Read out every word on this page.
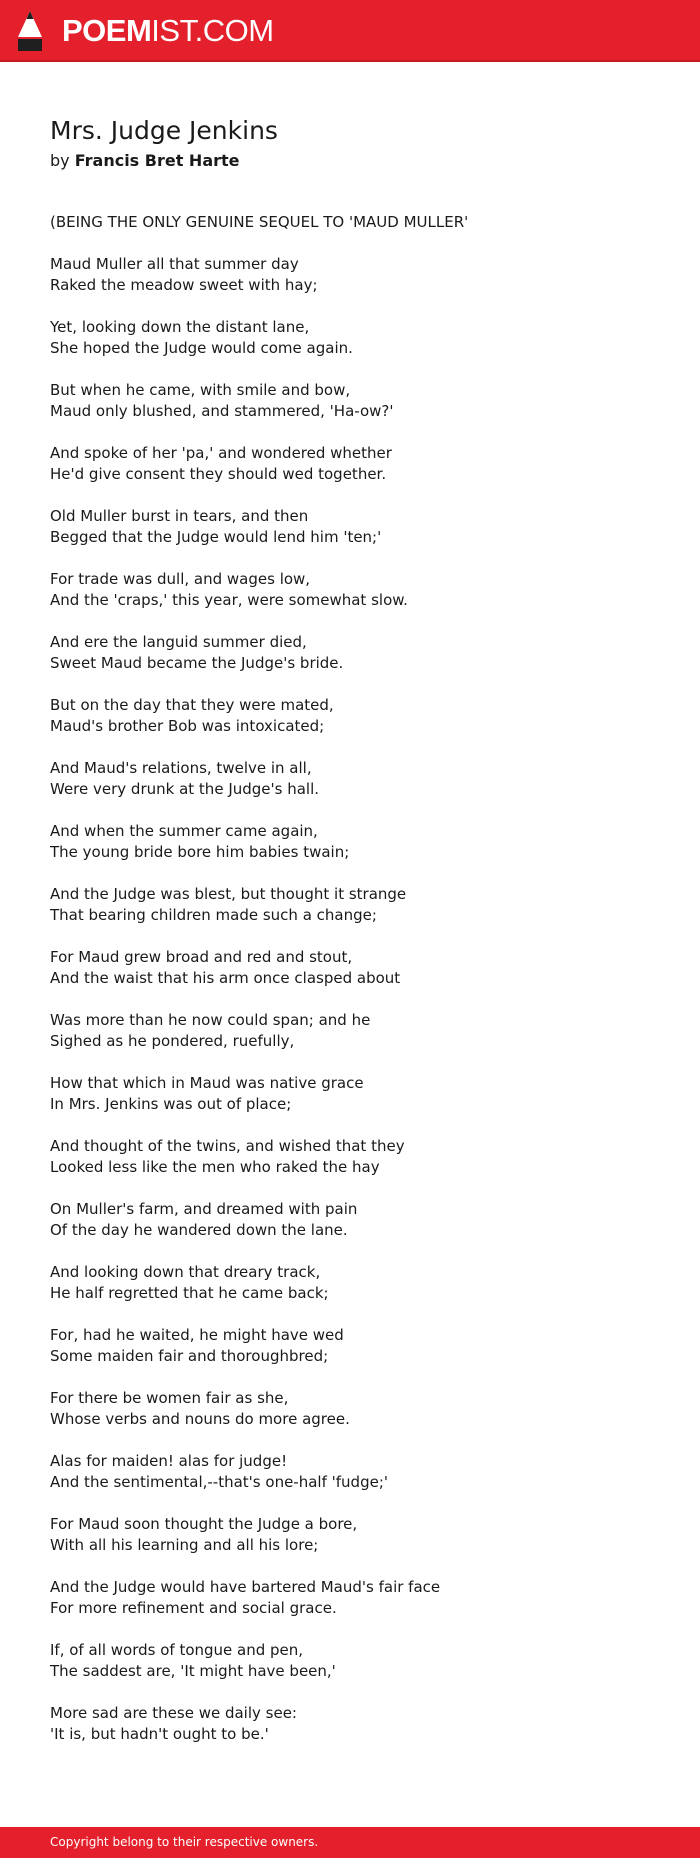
POEMIST.COM
Mrs. Judge Jenkins
by Francis Bret Harte

(BEING THE ONLY GENUINE SEQUEL TO 'MAUD MULLER'

Maud Muller all that summer day
Raked the meadow sweet with hay;

Yet, looking down the distant lane,
She hoped the Judge would come again.

But when he came, with smile and bow,
Maud only blushed, and stammered, 'Ha-ow?'

And spoke of her 'pa,' and wondered whether
He'd give consent they should wed together.

Old Muller burst in tears, and then
Begged that the Judge would lend him 'ten;'

For trade was dull, and wages low,
And the 'craps,' this year, were somewhat slow.

And ere the languid summer died,
Sweet Maud became the Judge's bride.

But on the day that they were mated,
Maud's brother Bob was intoxicated;

And Maud's relations, twelve in all,
Were very drunk at the Judge's hall.

And when the summer came again,
The young bride bore him babies twain;

And the Judge was blest, but thought it strange
That bearing children made such a change;

For Maud grew broad and red and stout,
And the waist that his arm once clasped about

Was more than he now could span; and he
Sighed as he pondered, ruefully,

How that which in Maud was native grace
In Mrs. Jenkins was out of place;

And thought of the twins, and wished that they
Looked less like the men who raked the hay

On Muller's farm, and dreamed with pain
Of the day he wandered down the lane.

And looking down that dreary track,
He half regretted that he came back;

For, had he waited, he might have wed
Some maiden fair and thoroughbred;

For there be women fair as she,
Whose verbs and nouns do more agree.

Alas for maiden! alas for judge!
And the sentimental,--that's one-half 'fudge;'

For Maud soon thought the Judge a bore,
With all his learning and all his lore;

And the Judge would have bartered Maud's fair face
For more refinement and social grace.

If, of all words of tongue and pen,
The saddest are, 'It might have been,'

More sad are these we daily see:
'It is, but hadn't ought to be.'

Copyright belong to their respective owners.
